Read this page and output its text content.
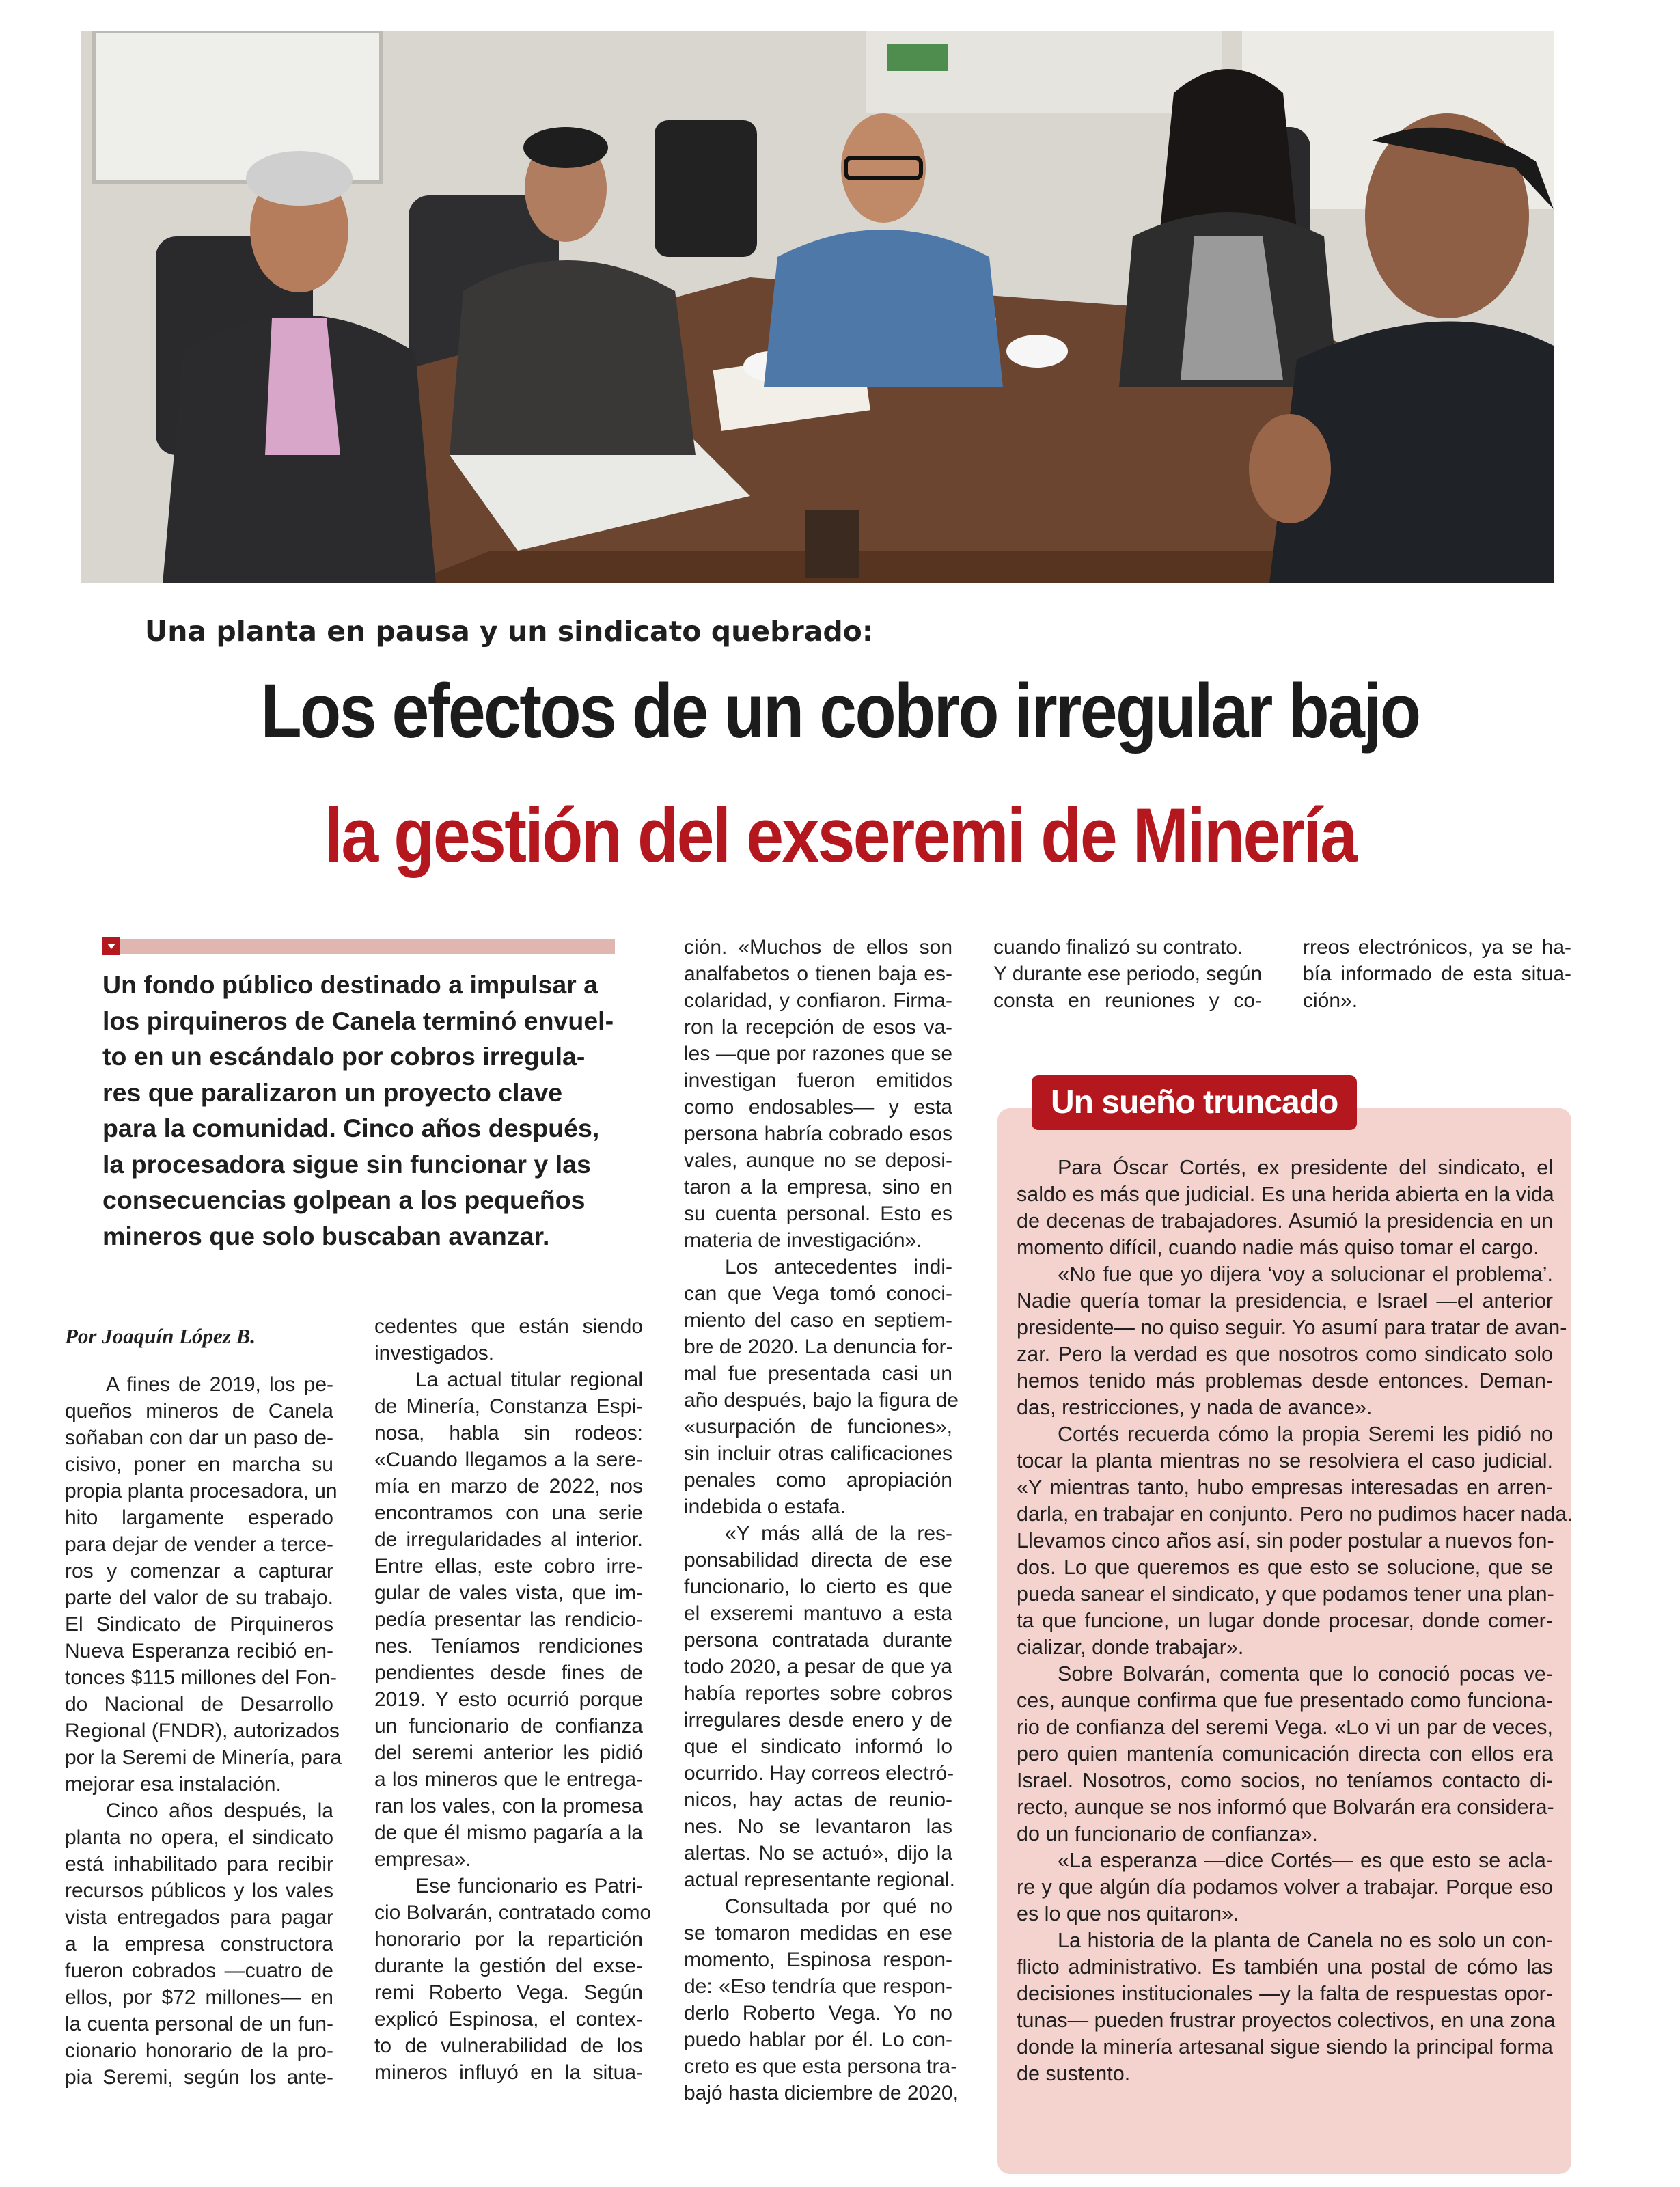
Una planta en pausa y un sindicato quebrado:
Los efectos de un cobro irregular bajo
la gestión del exseremi de Minería
Un fondo público destinado a impulsar a
los pirquineros de Canela terminó envuel-
to en un escándalo por cobros irregula-
res que paralizaron un proyecto clave
para la comunidad. Cinco años después,
la procesadora sigue sin funcionar y las
consecuencias golpean a los pequeños
mineros que solo buscaban avanzar.
Por Joaquín López B.
A fines de 2019, los pe-
queños mineros de Canela
soñaban con dar un paso de-
cisivo, poner en marcha su
propia planta procesadora, un
hito largamente esperado
para dejar de vender a terce-
ros y comenzar a capturar
parte del valor de su trabajo.
El Sindicato de Pirquineros
Nueva Esperanza recibió en-
tonces $115 millones del Fon-
do Nacional de Desarrollo
Regional (FNDR), autorizados
por la Seremi de Minería, para
mejorar esa instalación.
Cinco años después, la
planta no opera, el sindicato
está inhabilitado para recibir
recursos públicos y los vales
vista entregados para pagar
a la empresa constructora
fueron cobrados —cuatro de
ellos, por $72 millones— en
la cuenta personal de un fun-
cionario honorario de la pro-
pia Seremi, según los ante-
cedentes que están siendo
investigados.
La actual titular regional
de Minería, Constanza Espi-
nosa, habla sin rodeos:
«Cuando llegamos a la sere-
mía en marzo de 2022, nos
encontramos con una serie
de irregularidades al interior.
Entre ellas, este cobro irre-
gular de vales vista, que im-
pedía presentar las rendicio-
nes. Teníamos rendiciones
pendientes desde fines de
2019. Y esto ocurrió porque
un funcionario de confianza
del seremi anterior les pidió
a los mineros que le entrega-
ran los vales, con la promesa
de que él mismo pagaría a la
empresa».
Ese funcionario es Patri-
cio Bolvarán, contratado como
honorario por la repartición
durante la gestión del exse-
remi Roberto Vega. Según
explicó Espinosa, el contex-
to de vulnerabilidad de los
mineros influyó en la situa-
ción. «Muchos de ellos son
analfabetos o tienen baja es-
colaridad, y confiaron. Firma-
ron la recepción de esos va-
les —que por razones que se
investigan fueron emitidos
como endosables— y esta
persona habría cobrado esos
vales, aunque no se deposi-
taron a la empresa, sino en
su cuenta personal. Esto es
materia de investigación».
Los antecedentes indi-
can que Vega tomó conoci-
miento del caso en septiem-
bre de 2020. La denuncia for-
mal fue presentada casi un
año después, bajo la figura de
«usurpación de funciones»,
sin incluir otras calificaciones
penales como apropiación
indebida o estafa.
«Y más allá de la res-
ponsabilidad directa de ese
funcionario, lo cierto es que
el exseremi mantuvo a esta
persona contratada durante
todo 2020, a pesar de que ya
había reportes sobre cobros
irregulares desde enero y de
que el sindicato informó lo
ocurrido. Hay correos electró-
nicos, hay actas de reunio-
nes. No se levantaron las
alertas. No se actuó», dijo la
actual representante regional.
Consultada por qué no
se tomaron medidas en ese
momento, Espinosa respon-
de: «Eso tendría que respon-
derlo Roberto Vega. Yo no
puedo hablar por él. Lo con-
creto es que esta persona tra-
bajó hasta diciembre de 2020,
cuando finalizó su contrato.
Y durante ese periodo, según
consta en reuniones y co-
rreos electrónicos, ya se ha-
bía informado de esta situa-
ción».
Un sueño truncado
Para Óscar Cortés, ex presidente del sindicato, el
saldo es más que judicial. Es una herida abierta en la vida
de decenas de trabajadores. Asumió la presidencia en un
momento difícil, cuando nadie más quiso tomar el cargo.
«No fue que yo dijera ‘voy a solucionar el problema’.
Nadie quería tomar la presidencia, e Israel —el anterior
presidente— no quiso seguir. Yo asumí para tratar de avan-
zar. Pero la verdad es que nosotros como sindicato solo
hemos tenido más problemas desde entonces. Deman-
das, restricciones, y nada de avance».
Cortés recuerda cómo la propia Seremi les pidió no
tocar la planta mientras no se resolviera el caso judicial.
«Y mientras tanto, hubo empresas interesadas en arren-
darla, en trabajar en conjunto. Pero no pudimos hacer nada.
Llevamos cinco años así, sin poder postular a nuevos fon-
dos. Lo que queremos es que esto se solucione, que se
pueda sanear el sindicato, y que podamos tener una plan-
ta que funcione, un lugar donde procesar, donde comer-
cializar, donde trabajar».
Sobre Bolvarán, comenta que lo conoció pocas ve-
ces, aunque confirma que fue presentado como funciona-
rio de confianza del seremi Vega. «Lo vi un par de veces,
pero quien mantenía comunicación directa con ellos era
Israel. Nosotros, como socios, no teníamos contacto di-
recto, aunque se nos informó que Bolvarán era considera-
do un funcionario de confianza».
«La esperanza —dice Cortés— es que esto se acla-
re y que algún día podamos volver a trabajar. Porque eso
es lo que nos quitaron».
La historia de la planta de Canela no es solo un con-
flicto administrativo. Es también una postal de cómo las
decisiones institucionales —y la falta de respuestas opor-
tunas— pueden frustrar proyectos colectivos, en una zona
donde la minería artesanal sigue siendo la principal forma
de sustento.
